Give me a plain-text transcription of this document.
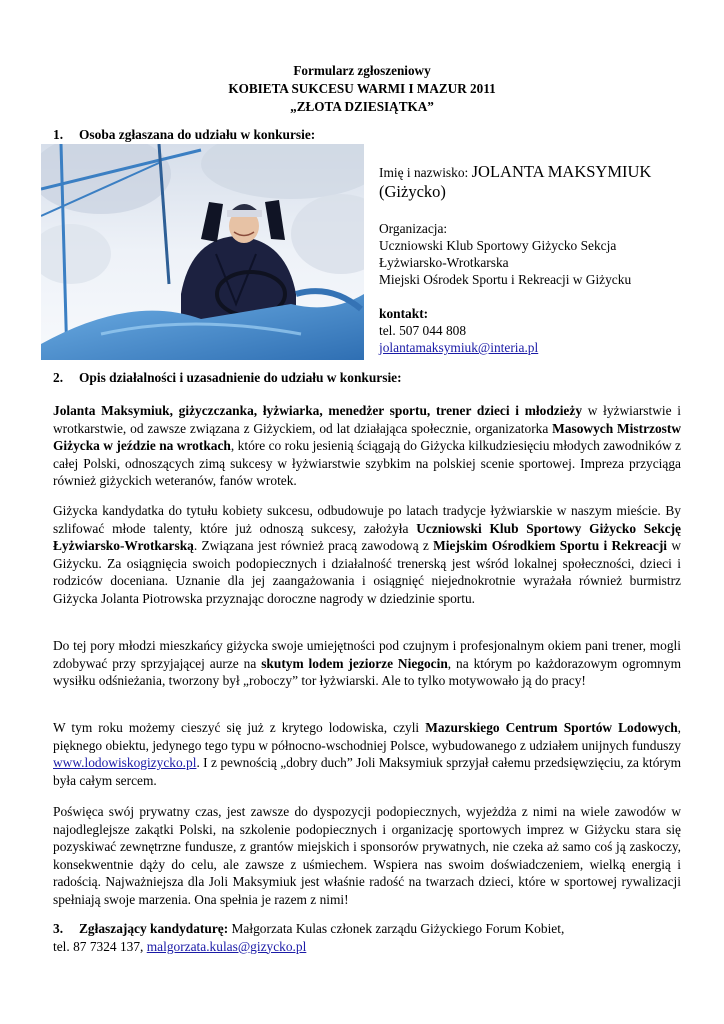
Formularz zgłoszeniowy
KOBIETA SUKCESU WARMI I MAZUR 2011
„ZŁOTA DZIESIĄTKA”
1. Osoba zgłaszana do udziału w konkursie:
Imię i nazwisko: JOLANTA MAKSYMIUK
(Giżycko)
Organizacja:
Uczniowski Klub Sportowy Giżycko Sekcja
Łyżwiarsko-Wrotkarska
Miejski Ośrodek Sportu i Rekreacji w Giżycku
kontakt:
tel. 507 044 808
jolantamaksymiuk@interia.pl
2. Opis działalności i uzasadnienie do udziału w konkursie:
Jolanta Maksymiuk, giżyczczanka, łyżwiarka, menedżer sportu, trener dzieci i młodzieży w łyżwiarstwie i wrotkarstwie, od zawsze związana z Giżyckiem, od lat działająca społecznie, organizatorka Masowych Mistrzostw Giżycka w jeździe na wrotkach, które co roku jesienią ściągają do Giżycka kilkudziesięciu młodych zawodników z całej Polski, odnoszących zimą sukcesy w łyżwiarstwie szybkim na polskiej scenie sportowej. Impreza przyciąga również giżyckich weteranów, fanów wrotek.
Giżycka kandydatka do tytułu kobiety sukcesu, odbudowuje po latach tradycje łyżwiarskie w naszym mieście. By szlifować młode talenty, które już odnoszą sukcesy, założyła Uczniowski Klub Sportowy Giżycko Sekcję Łyżwiarsko-Wrotkarską. Związana jest również pracą zawodową z Miejskim Ośrodkiem Sportu i Rekreacji w Giżycku. Za osiągnięcia swoich podopiecznych i działalność trenerską jest wśród lokalnej społeczności, dzieci i rodziców doceniana. Uznanie dla jej zaangażowania i osiągnięć niejednokrotnie wyrażała również burmistrz Giżycka Jolanta Piotrowska przyznając doroczne nagrody w dziedzinie sportu.
Do tej pory młodzi mieszkańcy giżycka swoje umiejętności pod czujnym i profesjonalnym okiem pani trener, mogli zdobywać przy sprzyjającej aurze na skutym lodem jeziorze Niegocin, na którym po każdorazowym ogromnym wysiłku odśnieżania, tworzony był „roboczy” tor łyżwiarski. Ale to tylko motywowało ją do pracy!
W tym roku możemy cieszyć się już z krytego lodowiska, czyli Mazurskiego Centrum Sportów Lodowych, pięknego obiektu, jedynego tego typu w północno-wschodniej Polsce, wybudowanego z udziałem unijnych funduszy www.lodowiskogizycko.pl. I z pewnością „dobry duch” Joli Maksymiuk sprzyjał całemu przedsięwzięciu, za którym była całym sercem.
Poświęca swój prywatny czas, jest zawsze do dyspozycji podopiecznych, wyjeżdża z nimi na wiele zawodów w najodleglejsze zakątki Polski, na szkolenie podopiecznych i organizację sportowych imprez w Giżycku stara się pozyskiwać zewnętrzne fundusze, z grantów miejskich i sponsorów prywatnych, nie czeka aż samo coś ją zaskoczy, konsekwentnie dąży do celu, ale zawsze z uśmiechem. Wspiera nas swoim doświadczeniem, wielką energią i radością. Najważniejsza dla Joli Maksymiuk jest właśnie radość na twarzach dzieci, które w sportowej rywalizacji spełniają swoje marzenia. Ona spełnia je razem z nimi!
3. Zgłaszający kandydaturę: Małgorzata Kulas członek zarządu Giżyckiego Forum Kobiet,
tel. 87 7324 137, malgorzata.kulas@gizycko.pl
